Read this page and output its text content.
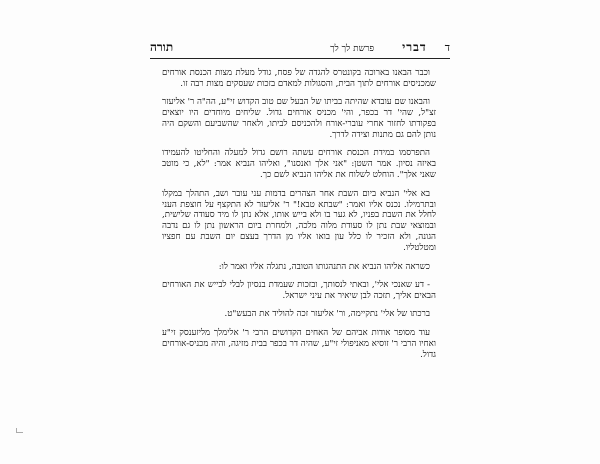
ד
דברי
פרשת לך לך
תורה

וכבר הבאנו בארוכה בקונטרס להגדה של פסח, גודל מעלת מצות הכנסת אורחים שמכניסים אורחים לתוך הבית, והסגולות למאדם בזכות שעסקים מצות רבה זו.

והבאנו שם עובדא שהיתה בביתו של הבעל שם טוב הקדוש זי"ע, הה"ה ר' אליעזר זצ"ל, שהי' דר בכפר, והי' מכניס אורחים גדול. שליחים מיוחדים היו יוצאים בפקודתו לחזור אחרי עוברי-אורח ולהכניסם לביתו, ולאחר שהשביעם והשקם היה נותן להם גם מתנות וצידה לדרך.

התפרסמו במידת הכנסת אורחים עשתה רושם גדול למעלה והחליטו להעמידו באיזה נסיון. אמר השטן: "אני אלך ואנסנו", ואליהו הנביא אמר: "לא, כי מוטב שאני אלך". הוחלט לשלוח את אליהו הנביא לשם כך.

בא אלי' הנביא ביום השבת אחר הצהרים בדמות עני עובר ושב, התהלך במקלו ובתרמילו. נכנס אליו ואמר: "שבתא טבא!" ר' אליעזר לא התקצף על חוצפת העני לחלל את השבת בפניו, לא גער בו ולא בייש אותו, אלא נתן לו מיד סעודה שלישית, ובמוצאי שבת נתן לו סעודת מלוה מלכה, ולמחרת ביום הראשון נתן לו גם נדבה הגונה, ולא הזכיר לו כלל עון בואו אליו מן הדרך בעצם יום השבת עם חפציו ומטלטליו.

כשראה אליהו הנביא את התנהגותו הטובה, נתגלה אליו ואמר לו:

- דע שאנכי אלי', ובאתי לנסותך, ובזכות שעמדת בנסיון לבלי לבייש את האורחים הבאים אליך, תזכה לבן שיאיר את עיני ישראל.

ברכתו של אלי' נתקיימה, ור' אליעזר זכה להוליד את הבעש"ט.

עוד מסופר אודות אביהם של האחים הקדושים הרבי ר' אלימלך מליזענסק זי"ע ואחיו הרבי ר' זוסיא מאניפולי זי"ע, שהיה דר בכפר בבית מזיגה, והיה מכניס-אורחים גדול.
